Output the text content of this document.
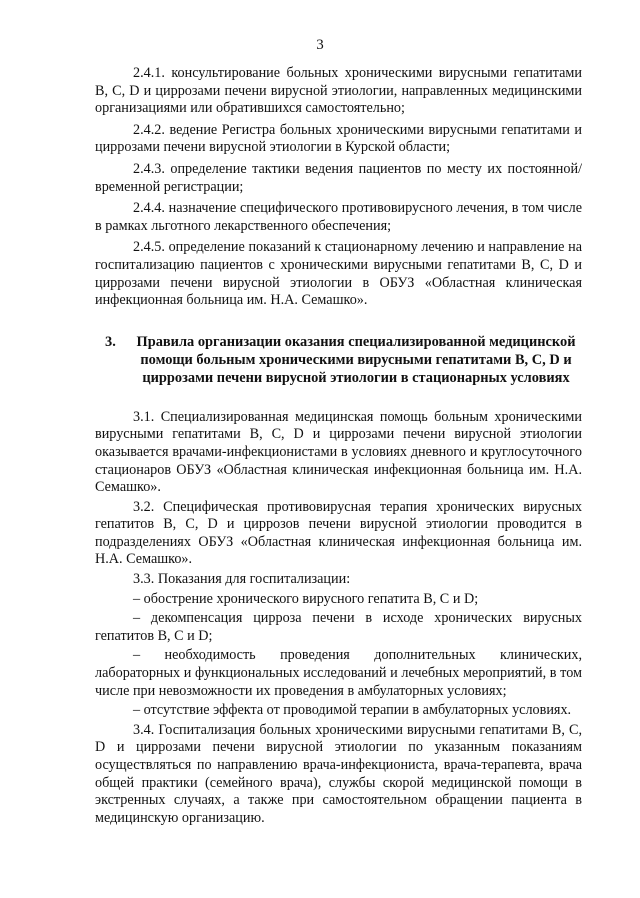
3

2.4.1. консультирование больных хроническими вирусными гепатитами В, С, D и циррозами печени вирусной этиологии, направленных медицинскими организациями или обратившихся самостоятельно;

2.4.2. ведение Регистра больных хроническими вирусными гепатитами и циррозами печени вирусной этиологии в Курской области;

2.4.3. определение тактики ведения пациентов по месту их постоянной/временной регистрации;

2.4.4. назначение специфического противовирусного лечения, в том числе в рамках льготного лекарственного обеспечения;

2.4.5. определение показаний к стационарному лечению и направление на госпитализацию пациентов с хроническими вирусными гепатитами В, С, D и циррозами печени вирусной этиологии в ОБУЗ «Областная клиническая инфекционная больница им. Н.А. Семашко».

3.	Правила организации оказания специализированной медицинской
помощи больным хроническими вирусными гепатитами В, С, D и
циррозами печени вирусной этиологии в стационарных условиях

3.1. Специализированная медицинская помощь больным хроническими вирусными гепатитами В, С, D и циррозами печени вирусной этиологии оказывается врачами-инфекционистами в условиях дневного и круглосуточного стационаров ОБУЗ «Областная клиническая инфекционная больница им. Н.А. Семашко».

3.2. Специфическая противовирусная терапия хронических вирусных гепатитов В, С, D и циррозов печени вирусной этиологии проводится в подразделениях ОБУЗ «Областная клиническая инфекционная больница им. Н.А. Семашко».

3.3. Показания для госпитализации:

– обострение хронического вирусного гепатита В, С и D;

– декомпенсация цирроза печени в исходе хронических вирусных гепатитов В, С и D;

– необходимость проведения дополнительных клинических, лабораторных и функциональных исследований и лечебных мероприятий, в том числе при невозможности их проведения в амбулаторных условиях;

– отсутствие эффекта от проводимой терапии в амбулаторных условиях.

3.4. Госпитализация больных хроническими вирусными гепатитами В, С, D и циррозами печени вирусной этиологии по указанным показаниям осуществляться по направлению врача-инфекциониста, врача-терапевта, врача общей практики (семейного врача), службы скорой медицинской помощи в экстренных случаях, а также при самостоятельном обращении пациента в медицинскую организацию.
